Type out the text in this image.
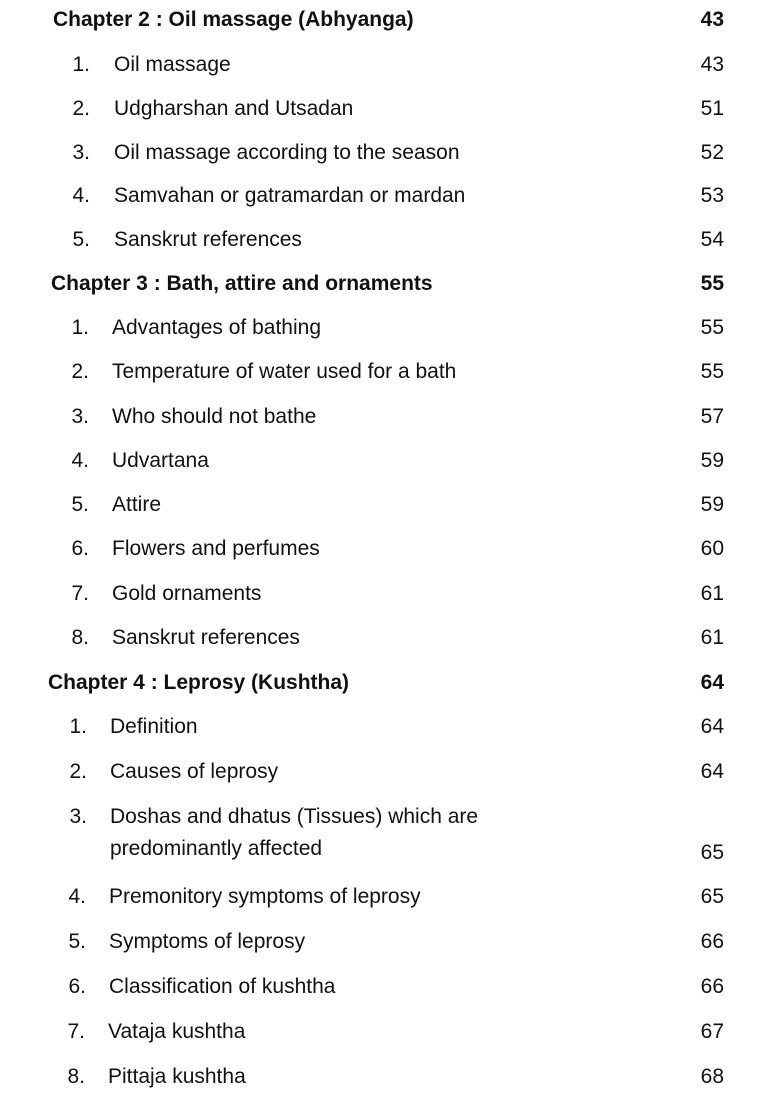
Chapter 2 : Oil massage (Abhyanga)	43
1. Oil massage	43
2. Udgharshan and Utsadan	51
3. Oil massage according to the season	52
4. Samvahan or gatramardan or mardan	53
5. Sanskrut references	54
Chapter 3 : Bath, attire and ornaments	55
1. Advantages of bathing	55
2. Temperature of water used for a bath	55
3. Who should not bathe	57
4. Udvartana	59
5. Attire	59
6. Flowers and perfumes	60
7. Gold ornaments	61
8. Sanskrut references	61
Chapter 4 : Leprosy (Kushtha)	64
1. Definition	64
2. Causes of leprosy	64
3. Doshas and dhatus (Tissues) which are
predominantly affected	65
4. Premonitory symptoms of leprosy	65
5. Symptoms of leprosy	66
6. Classification of kushtha	66
7. Vataja kushtha	67
8. Pittaja kushtha	68
